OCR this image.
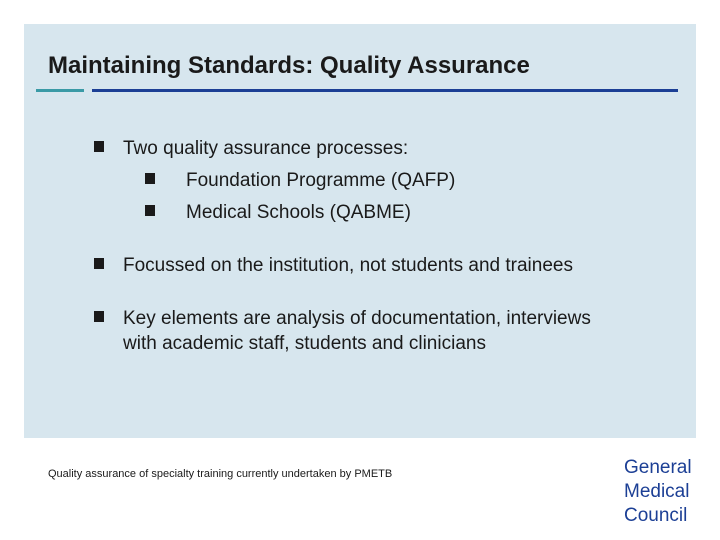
Maintaining Standards: Quality Assurance
Two quality assurance processes:
Foundation Programme (QAFP)
Medical Schools (QABME)
Focussed on the institution, not students and trainees
Key elements are analysis of documentation, interviews with academic staff, students and clinicians
Quality assurance of specialty training currently undertaken by PMETB	General
Medical
Council
